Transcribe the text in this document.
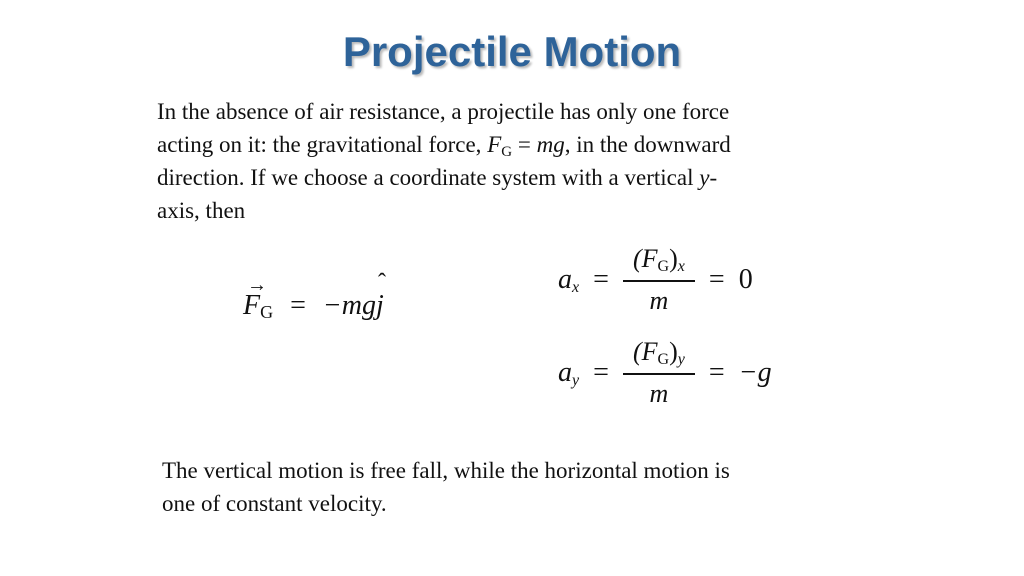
Projectile Motion
In the absence of air resistance, a projectile has only one force
acting on it: the gravitational force, $F_G$ = mg, in the downward
direction. If we choose a coordinate system with a vertical y-
axis, then
→
$F_G = -mg$
ˆ
j
ax = $\frac{(FG)x}{m} = 0$
ay = $\frac{(FG)y}{m} = -g$
The vertical motion is free fall, while the horizontal motion is
one of constant velocity.
